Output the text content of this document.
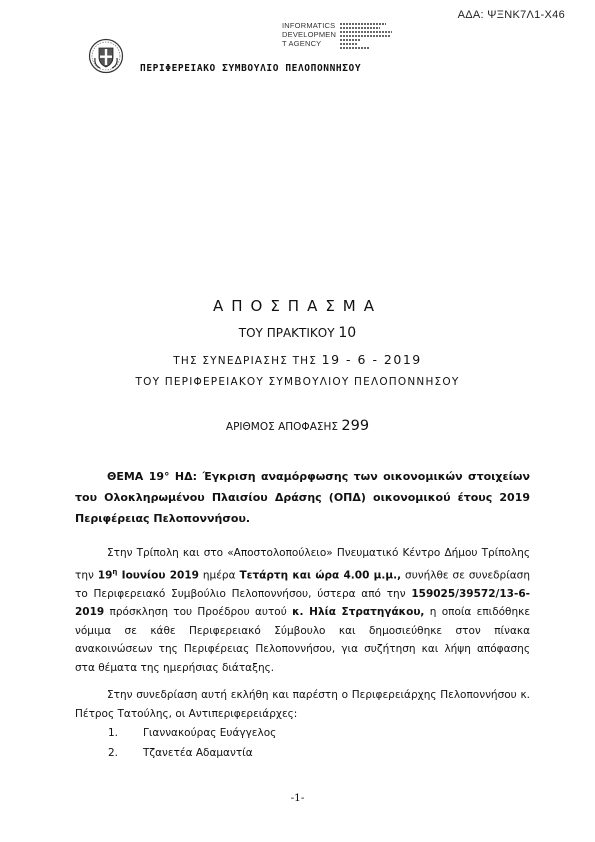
ΑΔΑ: ΨΞΝΚ7Λ1-Χ46
INFORMATICS
DEVELOPMEN
T AGENCY
ΠΕΡΙΦΕΡΕΙΑΚΟ ΣΥΜΒΟΥΛΙΟ ΠΕΛΟΠΟΝΝΗΣΟΥ
ΑΠΟΣΠΑΣΜΑ
ΤΟΥ ΠΡΑΚΤΙΚΟΥ 10
ΤΗΣ ΣΥΝΕΔΡΙΑΣΗΣ ΤΗΣ 19 - 6 - 2019
ΤΟΥ ΠΕΡΙΦΕΡΕΙΑΚΟΥ ΣΥΜΒΟΥΛΙΟΥ ΠΕΛΟΠΟΝΝΗΣΟΥ
ΑΡΙΘΜΟΣ ΑΠΟΦΑΣΗΣ 299
ΘΕΜΑ 19° ΗΔ: Έγκριση αναμόρφωσης των οικονομικών στοιχείων του Ολοκληρωμένου Πλαισίου Δράσης (ΟΠΔ) οικονομικού έτους 2019 Περιφέρειας Πελοποννήσου.
Στην Τρίπολη και στο «Αποστολοπούλειο» Πνευματικό Κέντρο Δήμου Τρίπολης την $19^\eta$ Ιουνίου 2019 ημέρα Τετάρτη και ώρα 4.00 μ.μ., συνήλθε σε συνεδρίαση το Περιφερειακό Συμβούλιο Πελοποννήσου, ύστερα από την 159025/39572/13-6-2019 πρόσκληση του Προέδρου αυτού κ. Ηλία Στρατηγάκου, η οποία επιδόθηκε νόμιμα σε κάθε Περιφερειακό Σύμβουλο και δημοσιεύθηκε στον πίνακα ανακοινώσεων της Περιφέρειας Πελοποννήσου, για συζήτηση και λήψη απόφασης στα θέματα της ημερήσιας διάταξης.
Στην συνεδρίαση αυτή εκλήθη και παρέστη ο Περιφερειάρχης Πελοποννήσου κ. Πέτρος Τατούλης, οι Αντιπεριφερειάρχες:
1. Γιαννακούρας Ευάγγελος
2. Τζανετέα Αδαμαντία
-1-
